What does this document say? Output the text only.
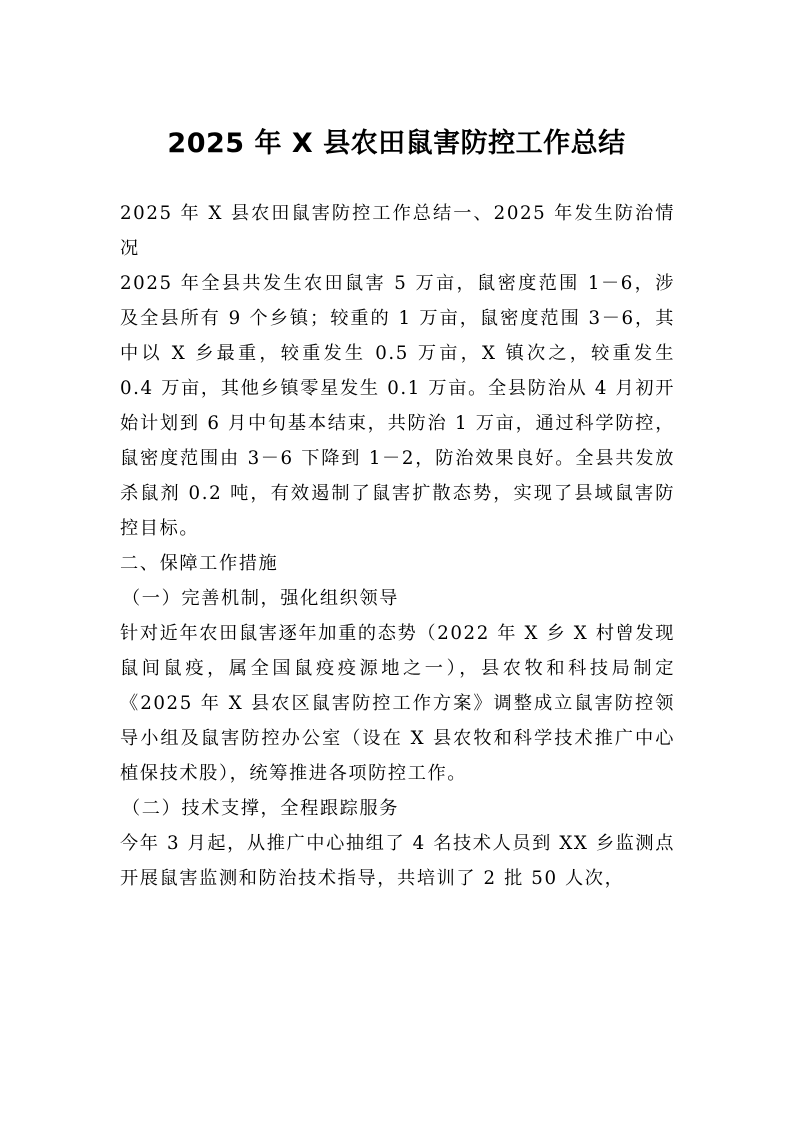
2025 年 X 县农田鼠害防控工作总结

2025 年 X 县农田鼠害防控工作总结一、2025 年发生防治情况

2025 年全县共发生农田鼠害 5 万亩，鼠密度范围 1－6，涉及全县所有 9 个乡镇；较重的 1 万亩，鼠密度范围 3－6，其中以 X 乡最重，较重发生 0.5 万亩，X 镇次之，较重发生 0.4 万亩，其他乡镇零星发生 0.1 万亩。全县防治从 4 月初开始计划到 6 月中旬基本结束，共防治 1 万亩，通过科学防控，鼠密度范围由 3－6 下降到 1－2，防治效果良好。全县共发放杀鼠剂 0.2 吨，有效遏制了鼠害扩散态势，实现了县域鼠害防控目标。

二、保障工作措施

（一）完善机制，强化组织领导

针对近年农田鼠害逐年加重的态势（2022 年 X 乡 X 村曾发现鼠间鼠疫，属全国鼠疫疫源地之一），县农牧和科技局制定《2025 年 X 县农区鼠害防控工作方案》调整成立鼠害防控领导小组及鼠害防控办公室（设在 X 县农牧和科学技术推广中心植保技术股），统筹推进各项防控工作。

（二）技术支撑，全程跟踪服务

今年 3 月起，从推广中心抽组了 4 名技术人员到 XX 乡监测点开展鼠害监测和防治技术指导，共培训了 2 批 50 人次，
